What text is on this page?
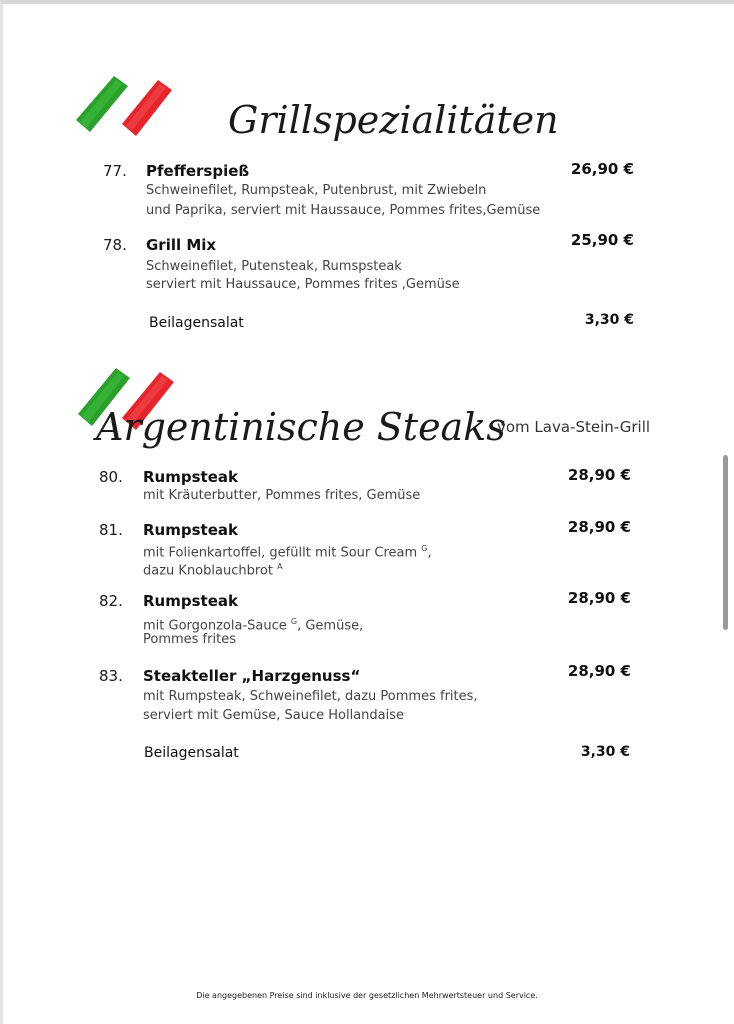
Grillspezialitäten
77. Pfefferspieß	26,90 €
Schweinefilet, Rumpsteak, Putenbrust, mit Zwiebeln
und Paprika, serviert mit Haussauce, Pommes frites,Gemüse
78. Grill Mix	25,90 €
Schweinefilet, Putensteak, Rumspsteak
serviert mit Haussauce, Pommes frites ,Gemüse
Beilagensalat	3,30 €
Argentinische Steaks
vom Lava-Stein-Grill
80. Rumpsteak	28,90 €
mit Kräuterbutter, Pommes frites, Gemüse
81. Rumpsteak	28,90 €
mit Folienkartoffel, gefüllt mit Sour Cream $^G$,
dazu Knoblauchbrot $^A$
82. Rumpsteak	28,90 €
mit Gorgonzola-Sauce $^G$, Gemüse,
Pommes frites
83. Steakteller „Harzgenuss“	28,90 €
mit Rumpsteak, Schweinefilet, dazu Pommes frites,
serviert mit Gemüse, Sauce Hollandaise
Beilagensalat	3,30 €
Die angegebenen Preise sind inklusive der gesetzlichen Mehrwertsteuer und Service.
